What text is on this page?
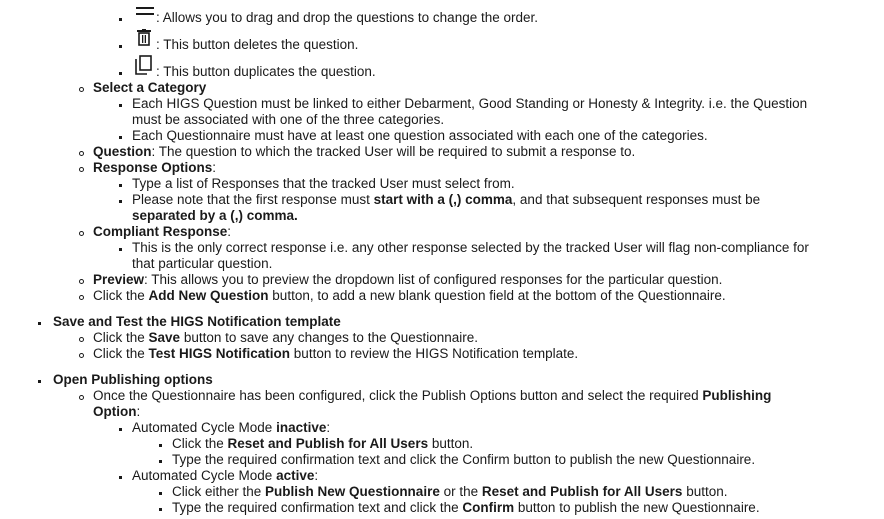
: Allows you to drag and drop the questions to change the order.
: This button deletes the question.
: This button duplicates the question.
Select a Category
Each HIGS Question must be linked to either Debarment, Good Standing or Honesty & Integrity. i.e. the Question
must be associated with one of the three categories.
Each Questionnaire must have at least one question associated with each one of the categories.
Question: The question to which the tracked User will be required to submit a response to.
Response Options:
Type a list of Responses that the tracked User must select from.
Please note that the first response must start with a (,) comma, and that subsequent responses must be
separated by a (,) comma.
Compliant Response:
This is the only correct response i.e. any other response selected by the tracked User will flag non-compliance for
that particular question.
Preview: This allows you to preview the dropdown list of configured responses for the particular question.
Click the Add New Question button, to add a new blank question field at the bottom of the Questionnaire.
Save and Test the HIGS Notification template
Click the Save button to save any changes to the Questionnaire.
Click the Test HIGS Notification button to review the HIGS Notification template.
Open Publishing options
Once the Questionnaire has been configured, click the Publish Options button and select the required Publishing
Option:
Automated Cycle Mode inactive:
Click the Reset and Publish for All Users button.
Type the required confirmation text and click the Confirm button to publish the new Questionnaire.
Automated Cycle Mode active:
Click either the Publish New Questionnaire or the Reset and Publish for All Users button.
Type the required confirmation text and click the Confirm button to publish the new Questionnaire.
